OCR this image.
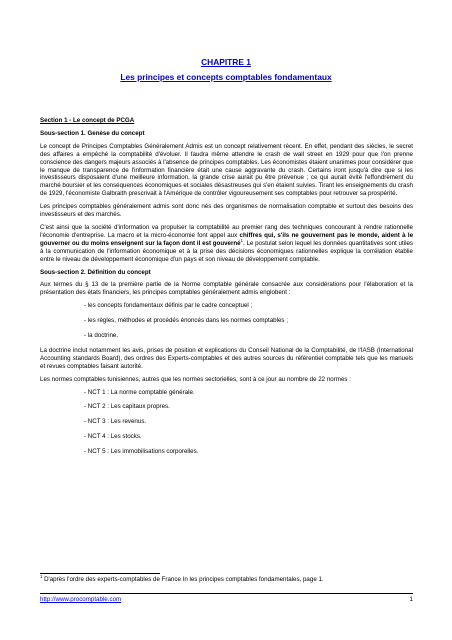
CHAPITRE 1
Les principes et concepts comptables fondamentaux

Section 1 - Le concept de PCGA

Sous-section 1. Genèse du concept

Le concept de Principes Comptables Généralement Admis est un concept relativement récent. En effet, pendant des siècles, le secret des affaires a empêché la comptabilité d'évoluer. Il faudra même attendre le crash de wall street en 1929 pour que l'on prenne conscience des dangers majeurs associés à l'absence de principes comptables. Les économistes étaient unanimes pour considérer que le manque de transparence de l'information financière était une cause aggravante du crash. Certains iront jusqu'à dire que si les investisseurs disposaient d'une meilleure information, la grande crise aurait pu être prévenue ; ce qui aurait évité l'effondrement du marché boursier et les conséquences économiques et sociales désastreuses qui s'en étaient suivies. Tirant les enseignements du crash de 1929, l'économiste Galbraith prescrivait à l'Amérique de contrôler vigoureusement ses comptables pour retrouver sa prospérité.

Les principes comptables généralement admis sont donc nés des organismes de normalisation comptable et surtout des besoins des investisseurs et des marchés.

C'est ainsi que la société d'information va propulser la comptabilité au premier rang des techniques concourant à rendre rationnelle l'économie d'entreprise. La macro et la micro-économie font appel aux chiffres qui, s'ils ne gouvernent pas le monde, aident à le gouverner ou du moins enseignent sur la façon dont il est gouverné$^1$. Le postulat selon lequel les données quantitatives sont utiles à la communication de l'information économique et à la prise des décisions économiques rationnelles explique la corrélation établie entre le niveau de développement économique d'un pays et son niveau de développement comptable.

Sous-section 2. Définition du concept

Aux termes du § 13 de la première partie de la Norme comptable générale consacrée aux considérations pour l'élaboration et la présentation des états financiers, les principes comptables généralement admis englobent :

- les concepts fondamentaux définis par le cadre conceptuel ;

- les règles, méthodes et procédés énoncés dans les normes comptables ;

- la doctrine.

La doctrine inclut notamment les avis, prises de position et explications du Conseil National de la Comptabilité, de l'IASB (International Accounting standards Board), des ordres des Experts-comptables et des autres sources du référentiel comptable tels que les manuels et revues comptables faisant autorité.

Les normes comptables tunisiennes, autres que les normes sectorielles, sont à ce jour au nombre de 22 normes :

- NCT 1 : La norme comptable générale.

- NCT 2 : Les capitaux propres.

- NCT 3 : Les revenus.

- NCT 4 : Les stocks.

- NCT 5 : Les immobilisations corporelles.

$^1$ D'après l'ordre des experts-comptables de France In les principes comptables fondamentales, page 1.
http://www.procomptable.com	1
